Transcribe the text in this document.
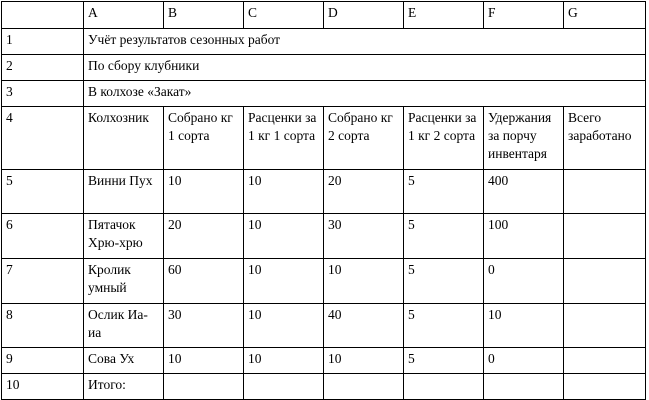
	A	B	C	D	E	F	G
1	Учёт результатов сезонных работ						
2	По сбору клубники						
3	В колхозе «Закат»						
4	Колхозник	Собрано кг 1 сорта	Расценки за 1 кг 1 сорта	Собрано кг 2 сорта	Расценки за 1 кг 2 сорта	Удержания за порчу инвентаря	Всего заработано
5	Винни Пух	10	10	20	5	400	
6	Пятачок Хрю-хрю	20	10	30	5	100	
7	Кролик умный	60	10	10	5	0	
8	Ослик Иа-иа	30	10	40	5	10	
9	Сова Ух	10	10	10	5	0	
10	Итого:						
